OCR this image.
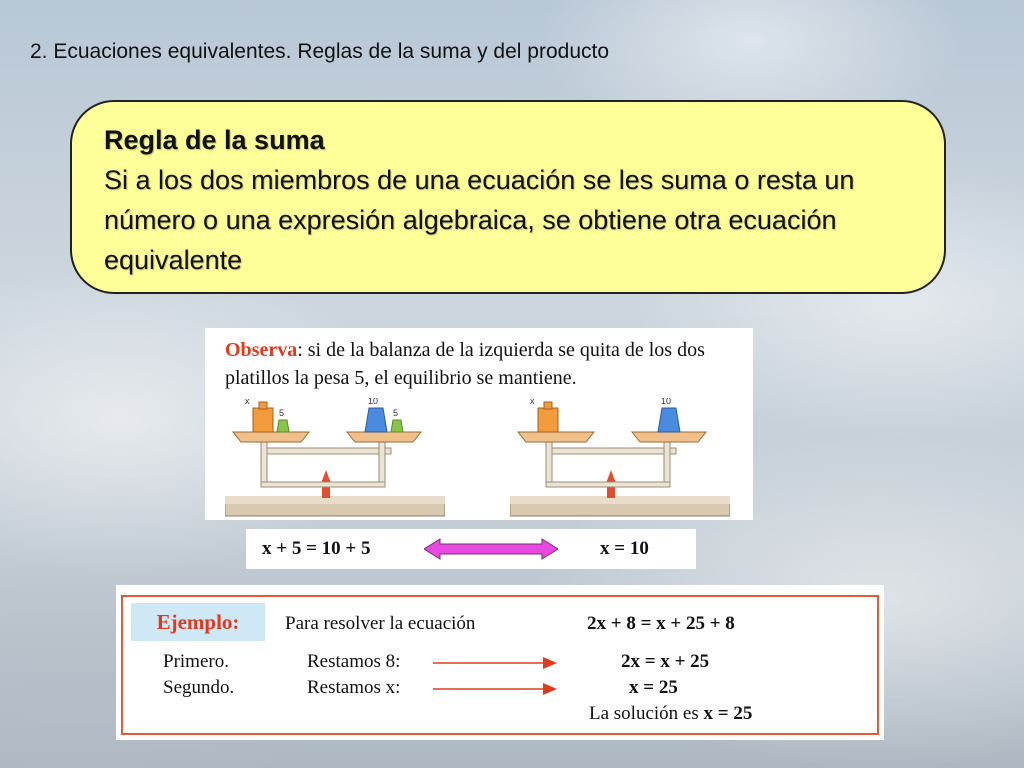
2. Ecuaciones equivalentes. Reglas de la suma y del producto
Regla de la suma
Si a los dos miembros de una ecuación se les suma o resta un número o una expresión algebraica, se obtiene otra ecuación equivalente
Observa: si de la balanza de la izquierda se quita de los dos platillos la pesa 5, el equilibrio se mantiene.
x
5
10
5
x	10
x + 5 = 10 + 5	x = 10
Ejemplo:	Para resolver la ecuación	2x + 8 = x + 25 + 8
Primero.	Restamos 8:	2x = x + 25
Segundo.	Restamos x:	x = 25
La solución es x = 25
